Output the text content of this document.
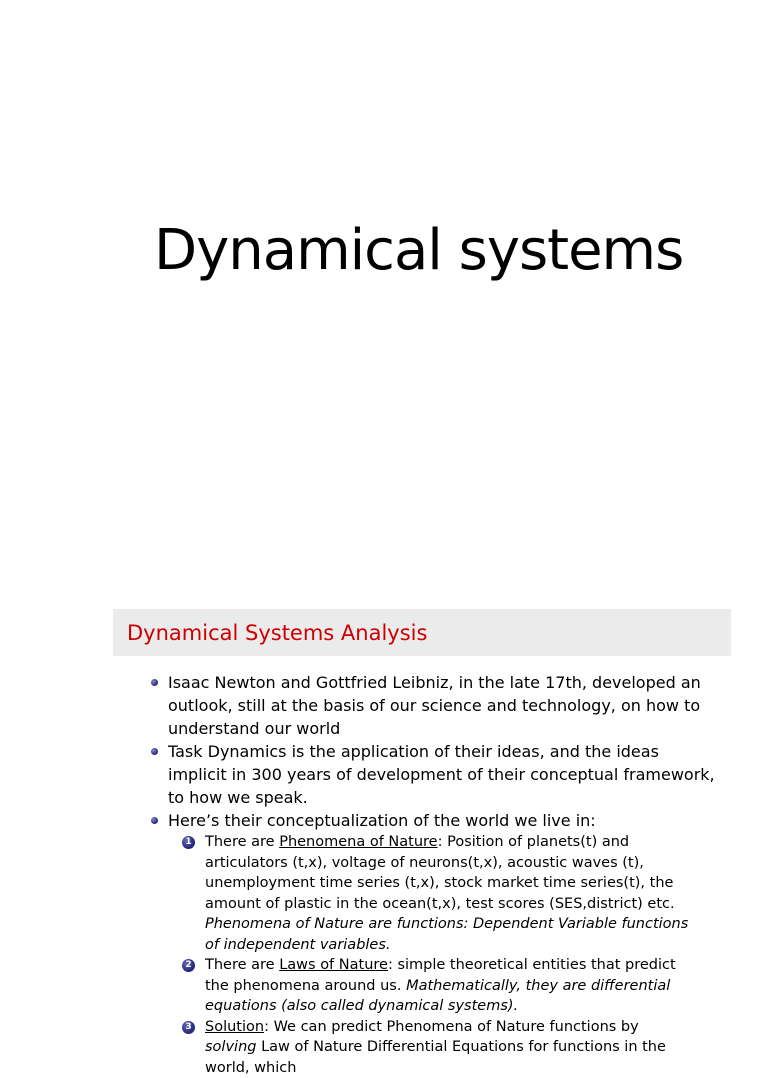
Dynamical systems
Dynamical Systems Analysis
Isaac Newton and Gottfried Leibniz, in the late 17th, developed an outlook, still at the basis of our science and technology, on how to understand our world
Task Dynamics is the application of their ideas, and the ideas implicit in 300 years of development of their conceptual framework, to how we speak.
Here’s their conceptualization of the world we live in:
1 There are Phenomena of Nature: Position of planets(t) and articulators (t,x), voltage of neurons(t,x), acoustic waves (t), unemployment time series (t,x), stock market time series(t), the amount of plastic in the ocean(t,x), test scores (SES,district) etc. Phenomena of Nature are functions: Dependent Variable functions of independent variables.
2 There are Laws of Nature: simple theoretical entities that predict the phenomena around us. Mathematically, they are differential equations (also called dynamical systems).
3 Solution: We can predict Phenomena of Nature functions by solving Law of Nature Differential Equations for functions in the world, which
